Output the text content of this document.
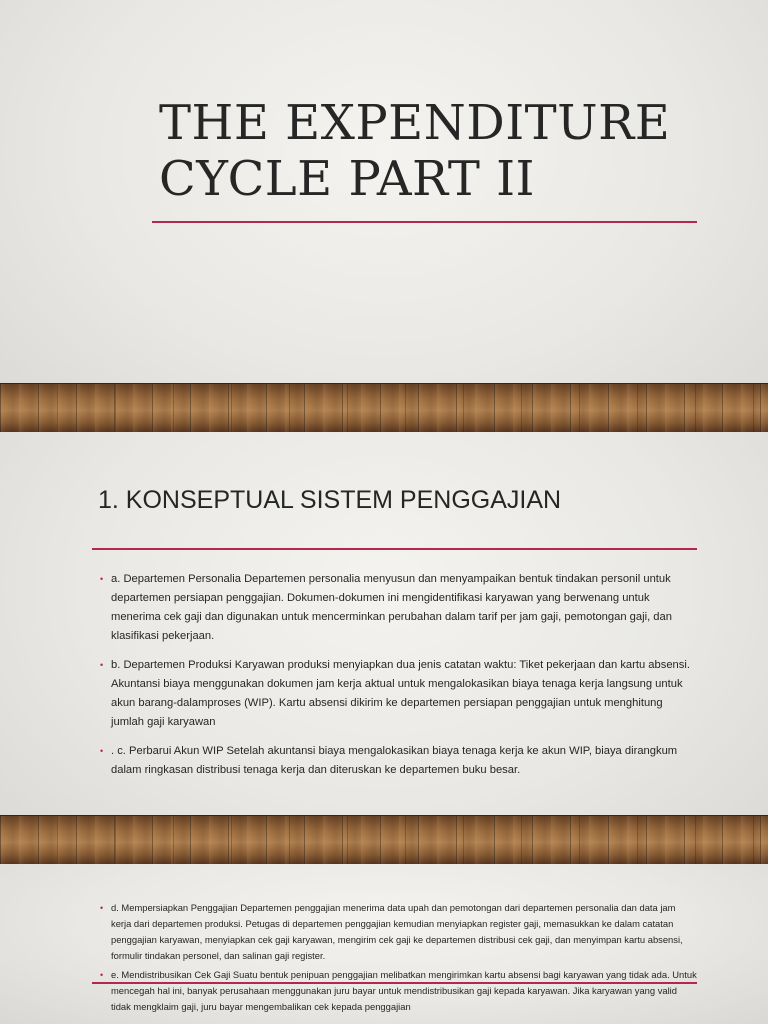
THE EXPENDITURE
CYCLE PART II
1. KONSEPTUAL SISTEM PENGGAJIAN
• a. Departemen Personalia Departemen personalia menyusun dan menyampaikan bentuk tindakan personil untuk departemen persiapan penggajian. Dokumen-dokumen ini mengidentifikasi karyawan yang berwenang untuk menerima cek gaji dan digunakan untuk mencerminkan perubahan dalam tarif per jam gaji, pemotongan gaji, dan klasifikasi pekerjaan.
• b. Departemen Produksi Karyawan produksi menyiapkan dua jenis catatan waktu: Tiket pekerjaan dan kartu absensi. Akuntansi biaya menggunakan dokumen jam kerja aktual untuk mengalokasikan biaya tenaga kerja langsung untuk akun barang-dalamproses (WIP). Kartu absensi dikirim ke departemen persiapan penggajian untuk menghitung jumlah gaji karyawan
• . c. Perbarui Akun WIP Setelah akuntansi biaya mengalokasikan biaya tenaga kerja ke akun WIP, biaya dirangkum dalam ringkasan distribusi tenaga kerja dan diteruskan ke departemen buku besar.
• d. Mempersiapkan Penggajian Departemen penggajian menerima data upah dan pemotongan dari departemen personalia dan data jam kerja dari departemen produksi. Petugas di departemen penggajian kemudian menyiapkan register gaji, memasukkan ke dalam catatan penggajian karyawan, menyiapkan cek gaji karyawan, mengirim cek gaji ke departemen distribusi cek gaji, dan menyimpan kartu absensi, formulir tindakan personel, dan salinan gaji register.
• e. Mendistribusikan Cek Gaji Suatu bentuk penipuan penggajian melibatkan mengirimkan kartu absensi bagi karyawan yang tidak ada. Untuk mencegah hal ini, banyak perusahaan menggunakan juru bayar untuk mendistribusikan gaji kepada karyawan. Jika karyawan yang valid tidak mengklaim gaji, juru bayar mengembalikan cek kepada penggajian
